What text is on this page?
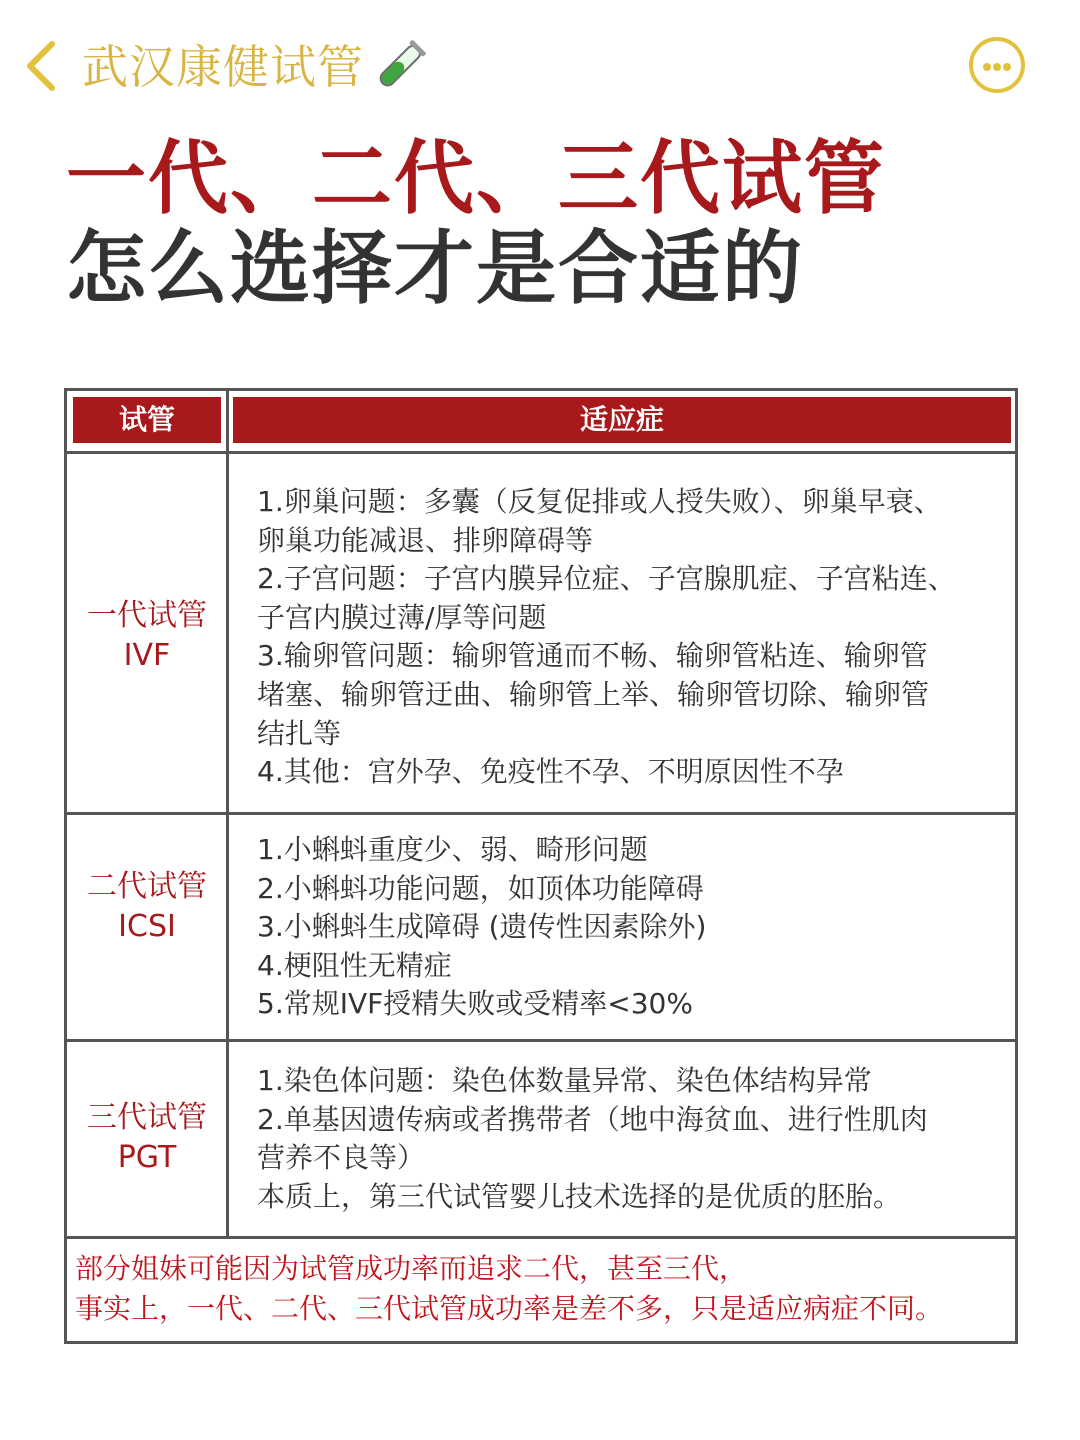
武汉康健试管
一代、二代、三代试管
怎么选择才是合适的
试管	适应症
一代试管
IVF
1.卵巢问题：多囊（反复促排或人授失败）、卵巢早衰、
卵巢功能减退、排卵障碍等
2.子宫问题：子宫内膜异位症、子宫腺肌症、子宫粘连、
子宫内膜过薄/厚等问题
3.输卵管问题：输卵管通而不畅、输卵管粘连、输卵管
堵塞、输卵管迂曲、输卵管上举、输卵管切除、输卵管
结扎等
4.其他：宫外孕、免疫性不孕、不明原因性不孕
二代试管
ICSI
1.小蝌蚪重度少、弱、畸形问题
2.小蝌蚪功能问题，如顶体功能障碍
3.小蝌蚪生成障碍 (遗传性因素除外)
4.梗阻性无精症
5.常规IVF授精失败或受精率<30%
三代试管
PGT
1.染色体问题：染色体数量异常、染色体结构异常
2.单基因遗传病或者携带者（地中海贫血、进行性肌肉
营养不良等）
本质上，第三代试管婴儿技术选择的是优质的胚胎。
部分姐妹可能因为试管成功率而追求二代，甚至三代，
事实上，一代、二代、三代试管成功率是差不多，只是适应病症不同。
